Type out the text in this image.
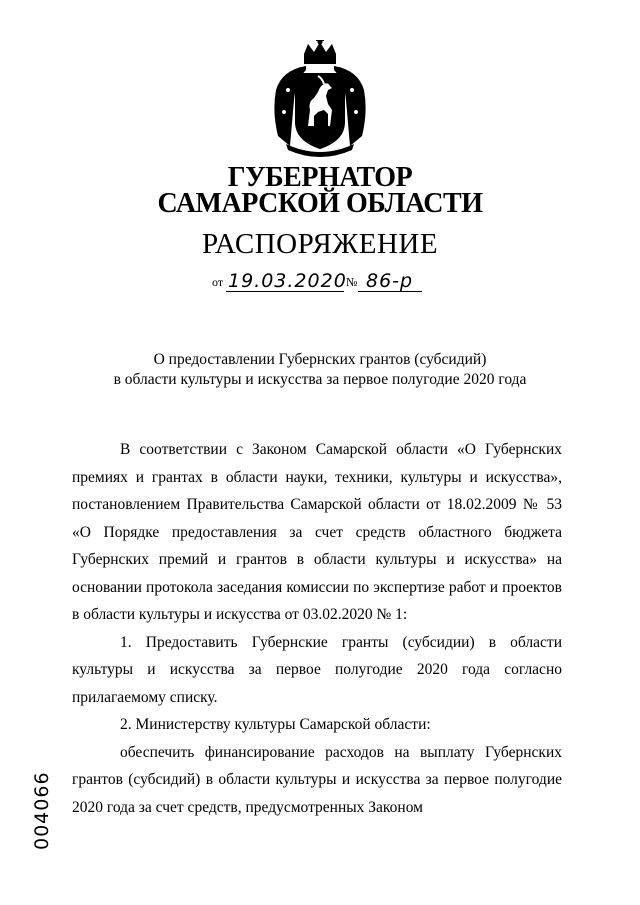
ГУБЕРНАТОР
САМАРСКОЙ ОБЛАСТИ
РАСПОРЯЖЕНИЕ
от 19.03.2020 № 86-р
О предоставлении Губернских грантов (субсидий)
в области культуры и искусства за первое полугодие 2020 года

В соответствии с Законом Самарской области «О Губернских премиях и грантах в области науки, техники, культуры и искусства», постановлением Правительства Самарской области от 18.02.2009 № 53 «О Порядке предоставления за счет средств областного бюджета Губернских премий и грантов в области культуры и искусства» на основании протокола заседания комиссии по экспертизе работ и проектов в области культуры и искусства от 03.02.2020 № 1:

1. Предоставить Губернские гранты (субсидии) в области культуры и искусства за первое полугодие 2020 года согласно прилагаемому списку.

2. Министерству культуры Самарской области:

обеспечить финансирование расходов на выплату Губернских грантов (субсидий) в области культуры и искусства за первое полугодие 2020 года за счет средств, предусмотренных Законом

004066
